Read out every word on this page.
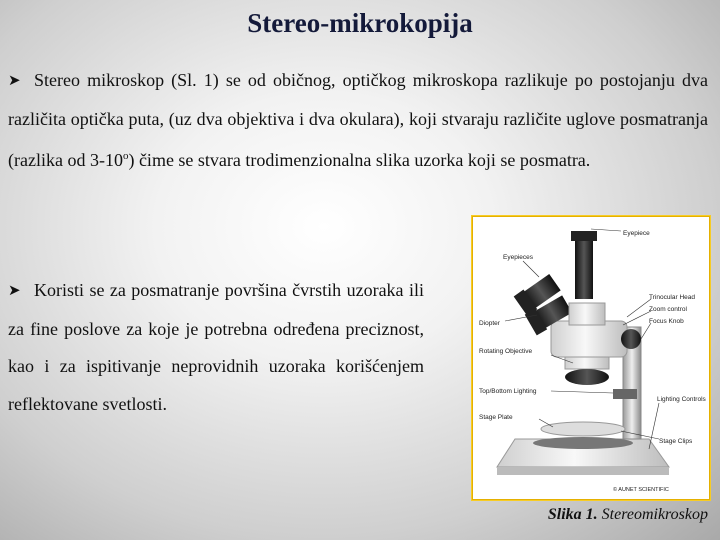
Stereo-mikrokopija

➤ Stereo mikroskop (Sl. 1) se od običnog, optičkog mikroskopa razlikuje po postojanju dva različita optička puta, (uz dva objektiva i dva okulara), koji stvaraju različite uglove posmatranja (razlika od 3-10$^o$) čime se stvara trodimenzionalna slika uzorka koji se posmatra.

➤ Koristi se za posmatranje površina čvrstih uzoraka ili za fine poslove za koje je potrebna određena preciznost, kao i za ispitivanje neprovidnih uzoraka korišćenjem reflektovane svetlosti.

Eyepiece
Eyepieces
Diopter
Trinocular Head
Zoom control
Focus Knob
Rotating Objective
Top/Bottom Lighting
Stage Plate
Lighting Controls
Stage Clips
© AUNET SCIENTIFIC
Slika 1. Stereomikroskop
